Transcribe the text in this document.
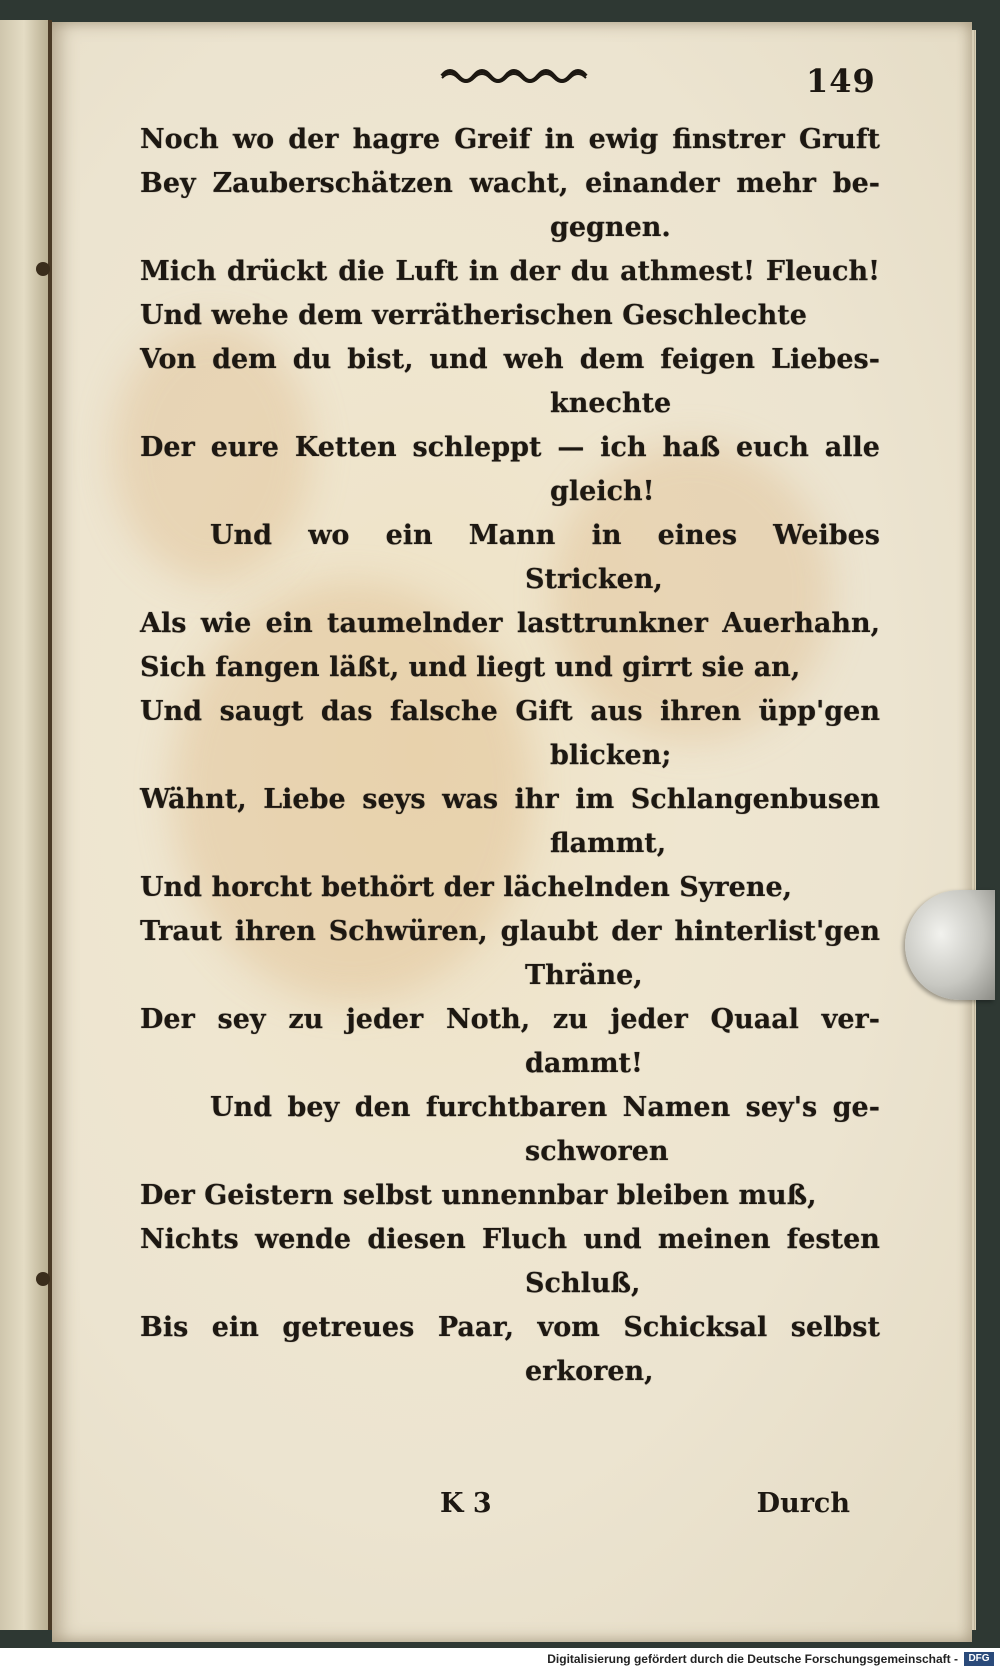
149
Noch wo der hagre Greif in ewig finstrer Gruft
Bey Zauberschätzen wacht, einander mehr be-
gegnen.
Mich drückt die Luft in der du athmest! Fleuch!
Und wehe dem verrätherischen Geschlechte
Von dem du bist, und weh dem feigen Liebes-
knechte
Der eure Ketten schleppt — ich haß euch alle
gleich!
Und wo ein Mann in eines Weibes
Stricken,
Als wie ein taumelnder lasttrunkner Auerhahn,
Sich fangen läßt, und liegt und girrt sie an,
Und saugt das falsche Gift aus ihren üpp'gen
blicken;
Wähnt, Liebe seys was ihr im Schlangenbusen
flammt,
Und horcht bethört der lächelnden Syrene,
Traut ihren Schwüren, glaubt der hinterlist'gen
Thräne,
Der sey zu jeder Noth, zu jeder Quaal ver-
dammt!
Und bey den furchtbaren Namen sey's ge-
schworen
Der Geistern selbst unnennbar bleiben muß,
Nichts wende diesen Fluch und meinen festen
Schluß,
Bis ein getreues Paar, vom Schicksal selbst
erkoren,
K 3	Durch
Digitalisierung gefördert durch die Deutsche Forschungsgemeinschaft -	DFG
